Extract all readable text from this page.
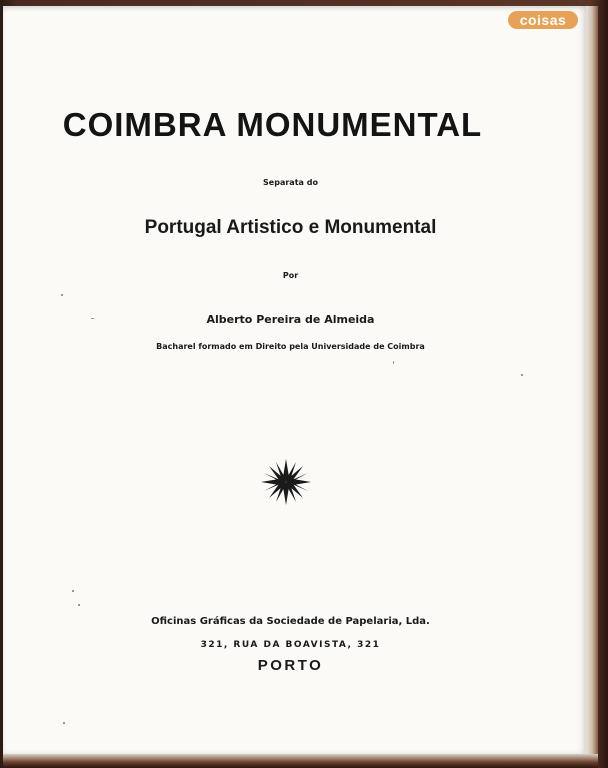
COIMBRA MONUMENTAL
Separata do
Portugal Artistico e Monumental
Por
Alberto Pereira de Almeida
Bacharel formado em Direito pela Universidade de Coimbra
Oficinas Gráficas da Sociedade de Papelaria, Lda.
321, RUA DA BOAVISTA, 321
PORTO
coisas
